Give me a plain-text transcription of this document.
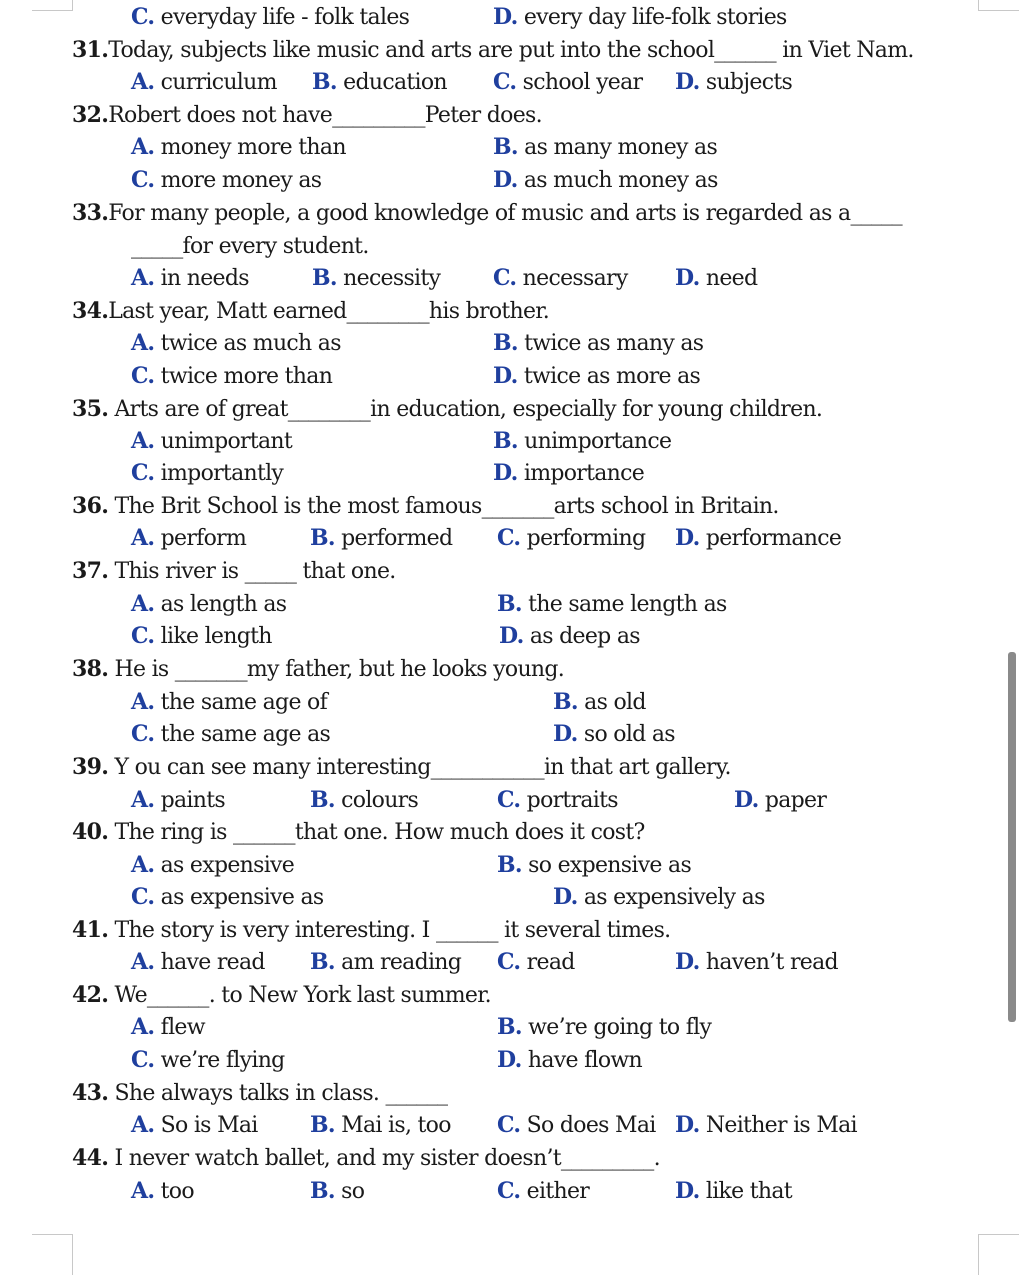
C. everyday life - folk tales	D. every day life-folk stories
31.Today, subjects like music and arts are put into the school______ in Viet Nam.
A. curriculum B. education C. school year D. subjects
32.Robert does not have_________Peter does.
A. money more than	B. as many money as
C. more money as	D. as much money as
33.For many people, a good knowledge of music and arts is regarded as a_____
_____for every student.
A. in needs	B. necessity C. necessary D. need
34.Last year, Matt earned________his brother.
A. twice as much as	B. twice as many as
C. twice more than	D. twice as more as
35. Arts are of great________in education, especially for young children.
A. unimportant	B. unimportance
C. importantly	D. importance
36. The Brit School is the most famous_______arts school in Britain.
A. perform	B. performed C. performing D. performance
37. This river is _____ that one.
A. as length as	B. the same length as
C. like length	D. as deep as
38. He is _______my father, but he looks young.
A. the same age of	B. as old
C. the same age as	D. so old as
39. Y ou can see many interesting___________in that art gallery.
A. paints	B. colours	C. portraits	D. paper
40. The ring is ______that one. How much does it cost?
A. as expensive	B. so expensive as
C. as expensive as	D. as expensively as
41. The story is very interesting. I ______ it several times.
A. have read B. am reading C. read	D. haven’t read
42. We______. to New York last summer.
A. flew	B. we’re going to fly
C. we’re flying	D. have flown
43. She always talks in class. ______
A. So is Mai B. Mai is, too C. So does Mai D. Neither is Mai
44. I never watch ballet, and my sister doesn’t_________.
A. too	B. so	C. either	D. like that
